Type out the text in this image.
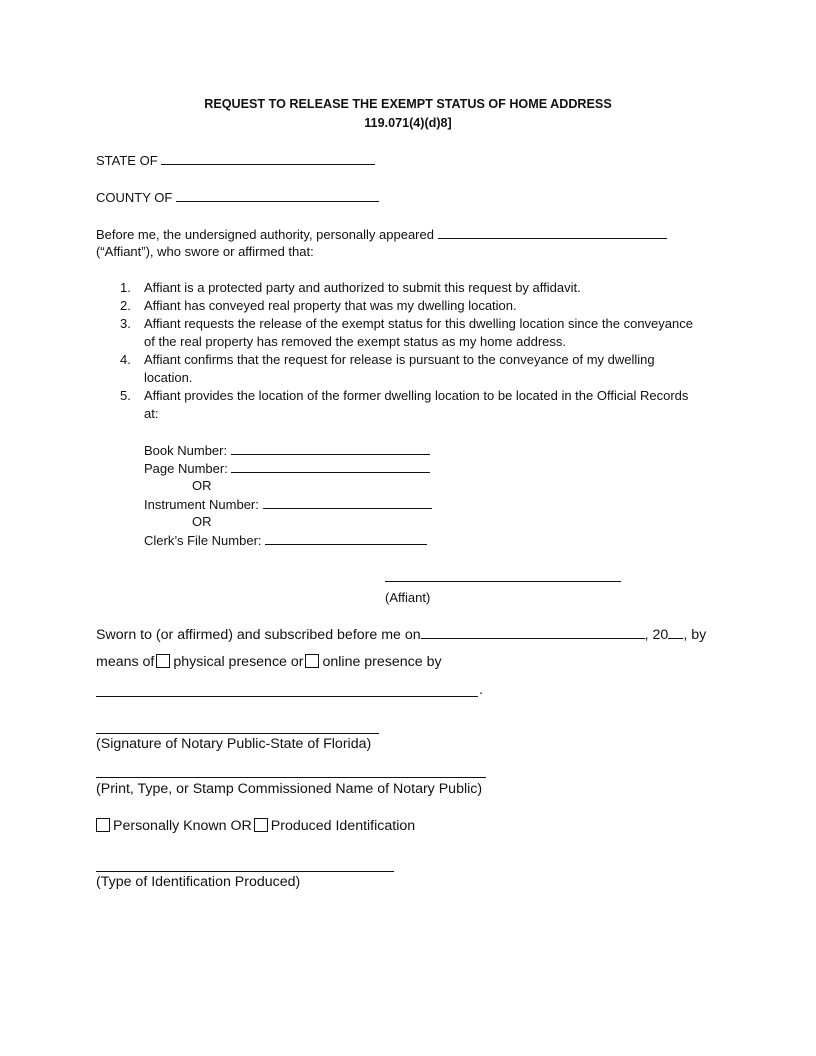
REQUEST TO RELEASE THE EXEMPT STATUS OF HOME ADDRESS
119.071(4)(d)8]
STATE OF
COUNTY OF
Before me, the undersigned authority, personally appeared
(“Affiant”), who swore or affirmed that:
1. Affiant is a protected party and authorized to submit this request by affidavit.
2. Affiant has conveyed real property that was my dwelling location.
3. Affiant requests the release of the exempt status for this dwelling location since the conveyance
of the real property has removed the exempt status as my home address.
4. Affiant confirms that the request for release is pursuant to the conveyance of my dwelling
location.
5. Affiant provides the location of the former dwelling location to be located in the Official Records
at:
Book Number:
Page Number:
OR
Instrument Number:
OR
Clerk’s File Number:
(Affiant)
Sworn to (or affirmed) and subscribed before me on	, 20 , by
means of physical presence or online presence by
.
(Signature of Notary Public-State of Florida)
(Print, Type, or Stamp Commissioned Name of Notary Public)
Personally Known OR Produced Identification
(Type of Identification Produced)
